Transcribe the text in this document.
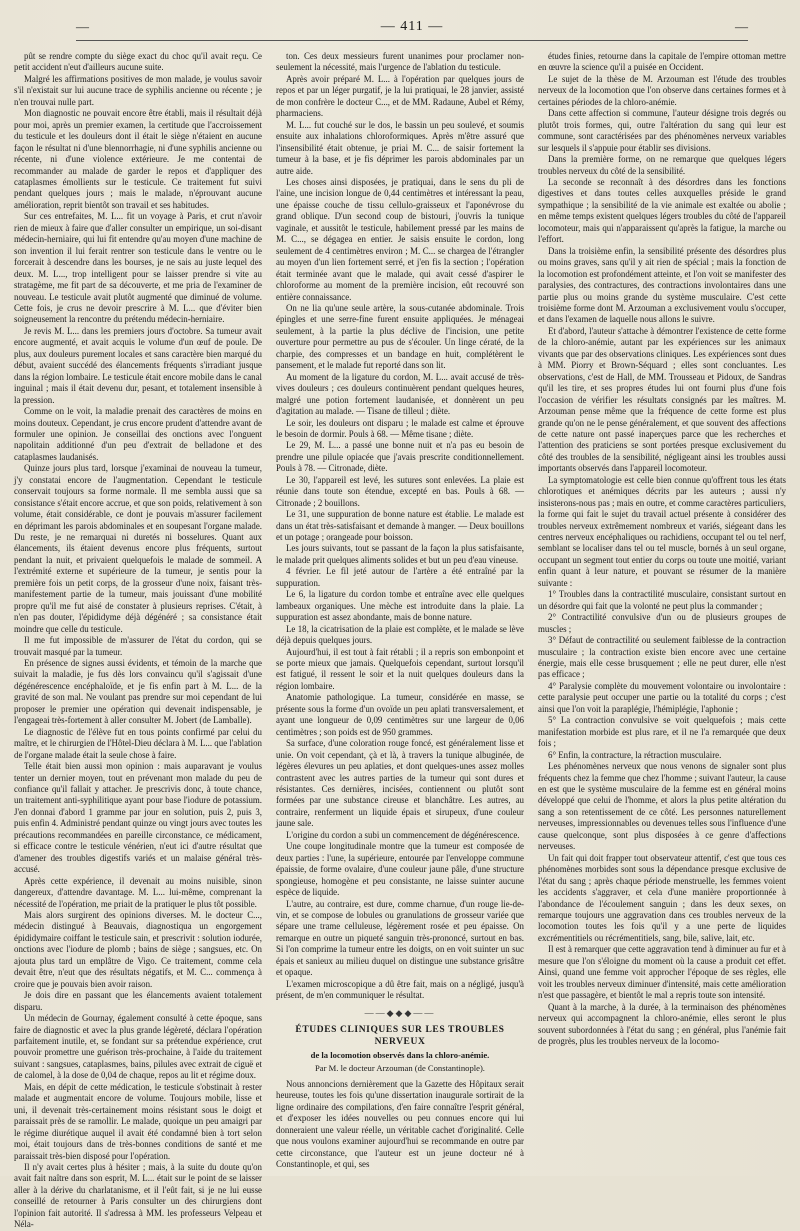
—	— 411 —	—

pût se rendre compte du siège exact du choc qu'il avait reçu. Ce petit accident n'eut d'ailleurs aucune suite.

Malgré les affirmations positives de mon malade, je voulus savoir s'il n'existait sur lui aucune trace de syphilis ancienne ou récente ; je n'en trouvai nulle part.

Mon diagnostic ne pouvait encore être établi, mais il résultait déjà pour moi, après un premier examen, la certitude que l'accroissement du testicule et les douleurs dont il était le siège n'étaient en aucune façon le résultat ni d'une blennorrhagie, ni d'une syphilis ancienne ou récente, ni d'une violence extérieure. Je me contentai de recommander au malade de garder le repos et d'appliquer des cataplasmes émollients sur le testicule. Ce traitement fut suivi pendant quelques jours ; mais le malade, n'éprouvant aucune amélioration, reprit bientôt son travail et ses habitudes.

Sur ces entrefaites, M. L... fit un voyage à Paris, et crut n'avoir rien de mieux à faire que d'aller consulter un empirique, un soi-disant médecin-herniaire, qui lui fit entendre qu'au moyen d'une machine de son invention il lui ferait rentrer son testicule dans le ventre ou le forcerait à descendre dans les bourses, je ne sais au juste lequel des deux. M. L..., trop intelligent pour se laisser prendre si vite au stratagème, me fit part de sa découverte, et me pria de l'examiner de nouveau. Le testicule avait plutôt augmenté que diminué de volume. Cette fois, je crus ne devoir prescrire à M. L... que d'éviter bien soigneusement la rencontre du prétendu médecin-herniaire.

Je revis M. L... dans les premiers jours d'octobre. Sa tumeur avait encore augmenté, et avait acquis le volume d'un œuf de poule. De plus, aux douleurs purement locales et sans caractère bien marqué du début, avaient succédé des élancements fréquents s'irradiant jusque dans la région lombaire. Le testicule était encore mobile dans le canal inguinal ; mais il était devenu dur, pesant, et totalement insensible à la pression.

Comme on le voit, la maladie prenait des caractères de moins en moins douteux. Cependant, je crus encore prudent d'attendre avant de formuler une opinion. Je conseillai des onctions avec l'onguent napolitain additionné d'un peu d'extrait de belladone et des cataplasmes laudanisés.

Quinze jours plus tard, lorsque j'examinai de nouveau la tumeur, j'y constatai encore de l'augmentation. Cependant le testicule conservait toujours sa forme normale. Il me sembla aussi que sa consistance s'était encore accrue, et que son poids, relativement à son volume, était considérable, ce dont je pouvais m'assurer facilement en déprimant les parois abdominales et en soupesant l'organe malade. Du reste, je ne remarquai ni duretés ni bosselures. Quant aux élancements, ils étaient devenus encore plus fréquents, surtout pendant la nuit, et privaient quelquefois le malade de sommeil. A l'extrémité externe et supérieure de la tumeur, je sentis pour la première fois un petit corps, de la grosseur d'une noix, faisant très-manifestement partie de la tumeur, mais jouissant d'une mobilité propre qu'il me fut aisé de constater à plusieurs reprises. C'était, à n'en pas douter, l'épididyme déjà dégénéré ; sa consistance était moindre que celle du testicule.

Il me fut impossible de m'assurer de l'état du cordon, qui se trouvait masqué par la tumeur.

En présence de signes aussi évidents, et témoin de la marche que suivait la maladie, je fus dès lors convaincu qu'il s'agissait d'une dégénérescence encéphaloïde, et je fis enfin part à M. L... de la gravité de son mal. Ne voulant pas prendre sur moi cependant de lui proposer le premier une opération qui devenait indispensable, je l'engageai très-fortement à aller consulter M. Jobert (de Lamballe).

Le diagnostic de l'élève fut en tous points confirmé par celui du maître, et le chirurgien de l'Hôtel-Dieu déclara à M. L... que l'ablation de l'organe malade était la seule chose à faire.

Telle était bien aussi mon opinion : mais auparavant je voulus tenter un dernier moyen, tout en prévenant mon malade du peu de confiance qu'il fallait y attacher. Je prescrivis donc, à toute chance, un traitement anti-syphilitique ayant pour base l'iodure de potassium. J'en donnai d'abord 1 gramme par jour en solution, puis 2, puis 3, puis enfin 4. Administré pendant quinze ou vingt jours avec toutes les précautions recommandées en pareille circonstance, ce médicament, si efficace contre le testicule vénérien, n'eut ici d'autre résultat que d'amener des troubles digestifs variés et un malaise général très-accusé.

Après cette expérience, il devenait au moins nuisible, sinon dangereux, d'attendre davantage. M. L... lui-même, comprenant la nécessité de l'opération, me priait de la pratiquer le plus tôt possible.

Mais alors surgirent des opinions diverses. M. le docteur C..., médecin distingué à Beauvais, diagnostiqua un engorgement épididymaire coiffant le testicule sain, et prescrivit : solution iodurée, onctions avec l'iodure de plomb ; bains de siège ; sangsues, etc. On ajouta plus tard un emplâtre de Vigo. Ce traitement, comme cela devait être, n'eut que des résultats négatifs, et M. C... commença à croire que je pouvais bien avoir raison.

Je dois dire en passant que les élancements avaient totalement disparu.

Un médecin de Gournay, également consulté à cette époque, sans faire de diagnostic et avec la plus grande légèreté, déclara l'opération parfaitement inutile, et, se fondant sur sa prétendue expérience, crut pouvoir promettre une guérison très-prochaine, à l'aide du traitement suivant : sangsues, cataplasmes, bains, pilules avec extrait de ciguë et de calomel, à la dose de 0,04 de chaque, repos au lit et régime doux.

Mais, en dépit de cette médication, le testicule s'obstinait à rester malade et augmentait encore de volume. Toujours mobile, lisse et uni, il devenait très-certainement moins résistant sous le doigt et paraissait près de se ramollir. Le malade, quoique un peu amaigri par le régime diurétique auquel il avait été condamné bien à tort selon moi, était toujours dans de très-bonnes conditions de santé et me paraissait très-bien disposé pour l'opération.

Il n'y avait certes plus à hésiter ; mais, à la suite du doute qu'on avait fait naître dans son esprit, M. L... était sur le point de se laisser aller à la dérive du charlatanisme, et il l'eût fait, si je ne lui eusse conseillé de retourner à Paris consulter un des chirurgiens dont l'opinion fait autorité. Il s'adressa à MM. les professeurs Velpeau et Néla-

ton. Ces deux messieurs furent unanimes pour proclamer non-seulement la nécessité, mais l'urgence de l'ablation du testicule.

Après avoir préparé M. L... à l'opération par quelques jours de repos et par un léger purgatif, je la lui pratiquai, le 28 janvier, assisté de mon confrère le docteur C..., et de MM. Radaune, Aubel et Rémy, pharmaciens.

M. L... fut couché sur le dos, le bassin un peu soulevé, et soumis ensuite aux inhalations chloroformiques. Après m'être assuré que l'insensibilité était obtenue, je priai M. C... de saisir fortement la tumeur à la base, et je fis déprimer les parois abdominales par un autre aide.

Les choses ainsi disposées, je pratiquai, dans le sens du pli de l'aine, une incision longue de 0,44 centimètres et intéressant la peau, une épaisse couche de tissu cellulo-graisseux et l'aponévrose du grand oblique. D'un second coup de bistouri, j'ouvris la tunique vaginale, et aussitôt le testicule, habilement pressé par les mains de M. C..., se dégagea en entier. Je saisis ensuite le cordon, long seulement de 4 centimètres environ ; M. C... se chargea de l'étrangler au moyen d'un lien fortement serré, et j'en fis la section ; l'opération était terminée avant que le malade, qui avait cessé d'aspirer le chloroforme au moment de la première incision, eût recouvré son entière connaissance.

On ne lia qu'une seule artère, la sous-cutanée abdominale. Trois épingles et une serre-fine furent ensuite appliquées. Je ménageai seulement, à la partie la plus déclive de l'incision, une petite ouverture pour permettre au pus de s'écouler. Un linge cératé, de la charpie, des compresses et un bandage en huit, complétèrent le pansement, et le malade fut reporté dans son lit.

Au moment de la ligature du cordon, M. L... avait accusé de très-vives douleurs ; ces douleurs continuèrent pendant quelques heures, malgré une potion fortement laudanisée, et donnèrent un peu d'agitation au malade. — Tisane de tilleul ; diète.

Le soir, les douleurs ont disparu ; le malade est calme et éprouve le besoin de dormir. Pouls à 68. — Même tisane ; diète.

Le 29, M. L... a passé une bonne nuit et n'a pas eu besoin de prendre une pilule opiacée que j'avais prescrite conditionnellement. Pouls à 78. — Citronade, diète.

Le 30, l'appareil est levé, les sutures sont enlevées. La plaie est réunie dans toute son étendue, excepté en bas. Pouls à 68. — Citronade ; 2 bouillons.

Le 31, une suppuration de bonne nature est établie. Le malade est dans un état très-satisfaisant et demande à manger. — Deux bouillons et un potage ; orangeade pour boisson.

Les jours suivants, tout se passant de la façon la plus satisfaisante, le malade prit quelques aliments solides et but un peu d'eau vineuse.

4 février. Le fil jeté autour de l'artère a été entraîné par la suppuration.

Le 6, la ligature du cordon tombe et entraîne avec elle quelques lambeaux organiques. Une mèche est introduite dans la plaie. La suppuration est assez abondante, mais de bonne nature.

Le 18, la cicatrisation de la plaie est complète, et le malade se lève déjà depuis quelques jours.

Aujourd'hui, il est tout à fait rétabli ; il a repris son embonpoint et se porte mieux que jamais. Quelquefois cependant, surtout lorsqu'il est fatigué, il ressent le soir et la nuit quelques douleurs dans la région lombaire.

Anatomie pathologique. La tumeur, considérée en masse, se présente sous la forme d'un ovoïde un peu aplati transversalement, et ayant une longueur de 0,09 centimètres sur une largeur de 0,06 centimètres ; son poids est de 950 grammes.

Sa surface, d'une coloration rouge foncé, est généralement lisse et unie. On voit cependant, çà et là, à travers la tunique albuginée, de légères élevures un peu aplaties, et dont quelques-unes assez molles contrastent avec les autres parties de la tumeur qui sont dures et résistantes. Ces dernières, incisées, contiennent ou plutôt sont formées par une substance cireuse et blanchâtre. Les autres, au contraire, renferment un liquide épais et sirupeux, d'une couleur jaune sale.

L'origine du cordon a subi un commencement de dégénérescence.

Une coupe longitudinale montre que la tumeur est composée de deux parties : l'une, la supérieure, entourée par l'enveloppe commune épaissie, de forme ovalaire, d'une couleur jaune pâle, d'une structure spongieuse, homogène et peu consistante, ne laisse suinter aucune espèce de liquide.

L'autre, au contraire, est dure, comme charnue, d'un rouge lie-de-vin, et se compose de lobules ou granulations de grosseur variée que sépare une trame celluleuse, légèrement rosée et peu épaisse. On remarque en outre un piqueté sanguin très-prononcé, surtout en bas. Si l'on comprime la tumeur entre les doigts, on en voit suinter un suc épais et sanieux au milieu duquel on distingue une substance grisâtre et opaque.

L'examen microscopique a dû être fait, mais on a négligé, jusqu'à présent, de m'en communiquer le résultat.

——◆◆◆——
ÉTUDES CLINIQUES SUR LES TROUBLES NERVEUX
de la locomotion observés dans la chloro-anémie.
Par M. le docteur Arzouman (de Constantinople).

Nous annoncions dernièrement que la Gazette des Hôpitaux serait heureuse, toutes les fois qu'une dissertation inaugurale sortirait de la ligne ordinaire des compilations, d'en faire connaître l'esprit général, et d'exposer les idées nouvelles ou peu connues encore qui lui donneraient une valeur réelle, un véritable cachet d'originalité. Celle que nous voulons examiner aujourd'hui se recommande en outre par cette circonstance, que l'auteur est un jeune docteur né à Constantinople, et qui, ses

études finies, retourne dans la capitale de l'empire ottoman mettre en œuvre la science qu'il a puisée en Occident.

Le sujet de la thèse de M. Arzouman est l'étude des troubles nerveux de la locomotion que l'on observe dans certaines formes et à certaines périodes de la chloro-anémie.

Dans cette affection si commune, l'auteur désigne trois degrés ou plutôt trois formes, qui, outre l'altération du sang qui leur est commune, sont caractérisées par des phénomènes nerveux variables sur lesquels il s'appuie pour établir ses divisions.

Dans la première forme, on ne remarque que quelques légers troubles nerveux du côté de la sensibilité.

La seconde se reconnaît à des désordres dans les fonctions digestives et dans toutes celles auxquelles préside le grand sympathique ; la sensibilité de la vie animale est exaltée ou abolie ; en même temps existent quelques légers troubles du côté de l'appareil locomoteur, mais qui n'apparaissent qu'après la fatigue, la marche ou l'effort.

Dans la troisième enfin, la sensibilité présente des désordres plus ou moins graves, sans qu'il y ait rien de spécial ; mais la fonction de la locomotion est profondément atteinte, et l'on voit se manifester des paralysies, des contractures, des contractions involontaires dans une partie plus ou moins grande du système musculaire. C'est cette troisième forme dont M. Arzouman a exclusivement voulu s'occuper, et dans l'examen de laquelle nous allons le suivre.

Et d'abord, l'auteur s'attache à démontrer l'existence de cette forme de la chloro-anémie, autant par les expériences sur les animaux vivants que par des observations cliniques. Les expériences sont dues à MM. Piorry et Brown-Séquard ; elles sont concluantes. Les observations, c'est de Hall, de MM. Trousseau et Pidoux, de Sandras qu'il les tire, et ses propres études lui ont fourni plus d'une fois l'occasion de vérifier les résultats consignés par les maîtres. M. Arzouman pense même que la fréquence de cette forme est plus grande qu'on ne le pense généralement, et que souvent des affections de cette nature ont passé inaperçues parce que les recherches et l'attention des praticiens se sont portées presque exclusivement du côté des troubles de la sensibilité, négligeant ainsi les troubles aussi importants observés dans l'appareil locomoteur.

La symptomatologie est celle bien connue qu'offrent tous les états chlorotiques et anémiques décrits par les auteurs ; aussi n'y insisterons-nous pas ; mais en outre, et comme caractères particuliers, la forme qui fait le sujet du travail actuel présente à considérer des troubles nerveux extrêmement nombreux et variés, siégeant dans les centres nerveux encéphaliques ou rachidiens, occupant tel ou tel nerf, semblant se localiser dans tel ou tel muscle, bornés à un seul organe, occupant un segment tout entier du corps ou toute une moitié, variant enfin quant à leur nature, et pouvant se résumer de la manière suivante :

1° Troubles dans la contractilité musculaire, consistant surtout en un désordre qui fait que la volonté ne peut plus la commander ;

2° Contractilité convulsive d'un ou de plusieurs groupes de muscles ;

3° Défaut de contractilité ou seulement faiblesse de la contraction musculaire ; la contraction existe bien encore avec une certaine énergie, mais elle cesse brusquement ; elle ne peut durer, elle n'est pas efficace ;

4° Paralysie complète du mouvement volontaire ou involontaire : cette paralysie peut occuper une partie ou la totalité du corps ; c'est ainsi que l'on voit la paraplégie, l'hémiplégie, l'aphonie ;

5° La contraction convulsive se voit quelquefois ; mais cette manifestation morbide est plus rare, et il ne l'a remarquée que deux fois ;

6° Enfin, la contracture, la rétraction musculaire.

Les phénomènes nerveux que nous venons de signaler sont plus fréquents chez la femme que chez l'homme ; suivant l'auteur, la cause en est que le système musculaire de la femme est en général moins développé que celui de l'homme, et alors la plus petite altération du sang a son retentissement de ce côté. Les personnes naturellement nerveuses, impressionnables ou devenues telles sous l'influence d'une cause quelconque, sont plus disposées à ce genre d'affections nerveuses.

Un fait qui doit frapper tout observateur attentif, c'est que tous ces phénomènes morbides sont sous la dépendance presque exclusive de l'état du sang ; après chaque période menstruelle, les femmes voient les accidents s'aggraver, et cela d'une manière proportionnée à l'abondance de l'écoulement sanguin ; dans les deux sexes, on remarque toujours une aggravation dans ces troubles nerveux de la locomotion toutes les fois qu'il y a une perte de liquides excrémentitiels ou récrémentitiels, sang, bile, salive, lait, etc.

Il est à remarquer que cette aggravation tend à diminuer au fur et à mesure que l'on s'éloigne du moment où la cause a produit cet effet. Ainsi, quand une femme voit approcher l'époque de ses règles, elle voit les troubles nerveux diminuer d'intensité, mais cette amélioration n'est que passagère, et bientôt le mal a repris toute son intensité.

Quant à la marche, à la durée, à la terminaison des phénomènes nerveux qui accompagnent la chloro-anémie, elles seront le plus souvent subordonnées à l'état du sang ; en général, plus l'anémie fait de progrès, plus les troubles nerveux de la locomo-
